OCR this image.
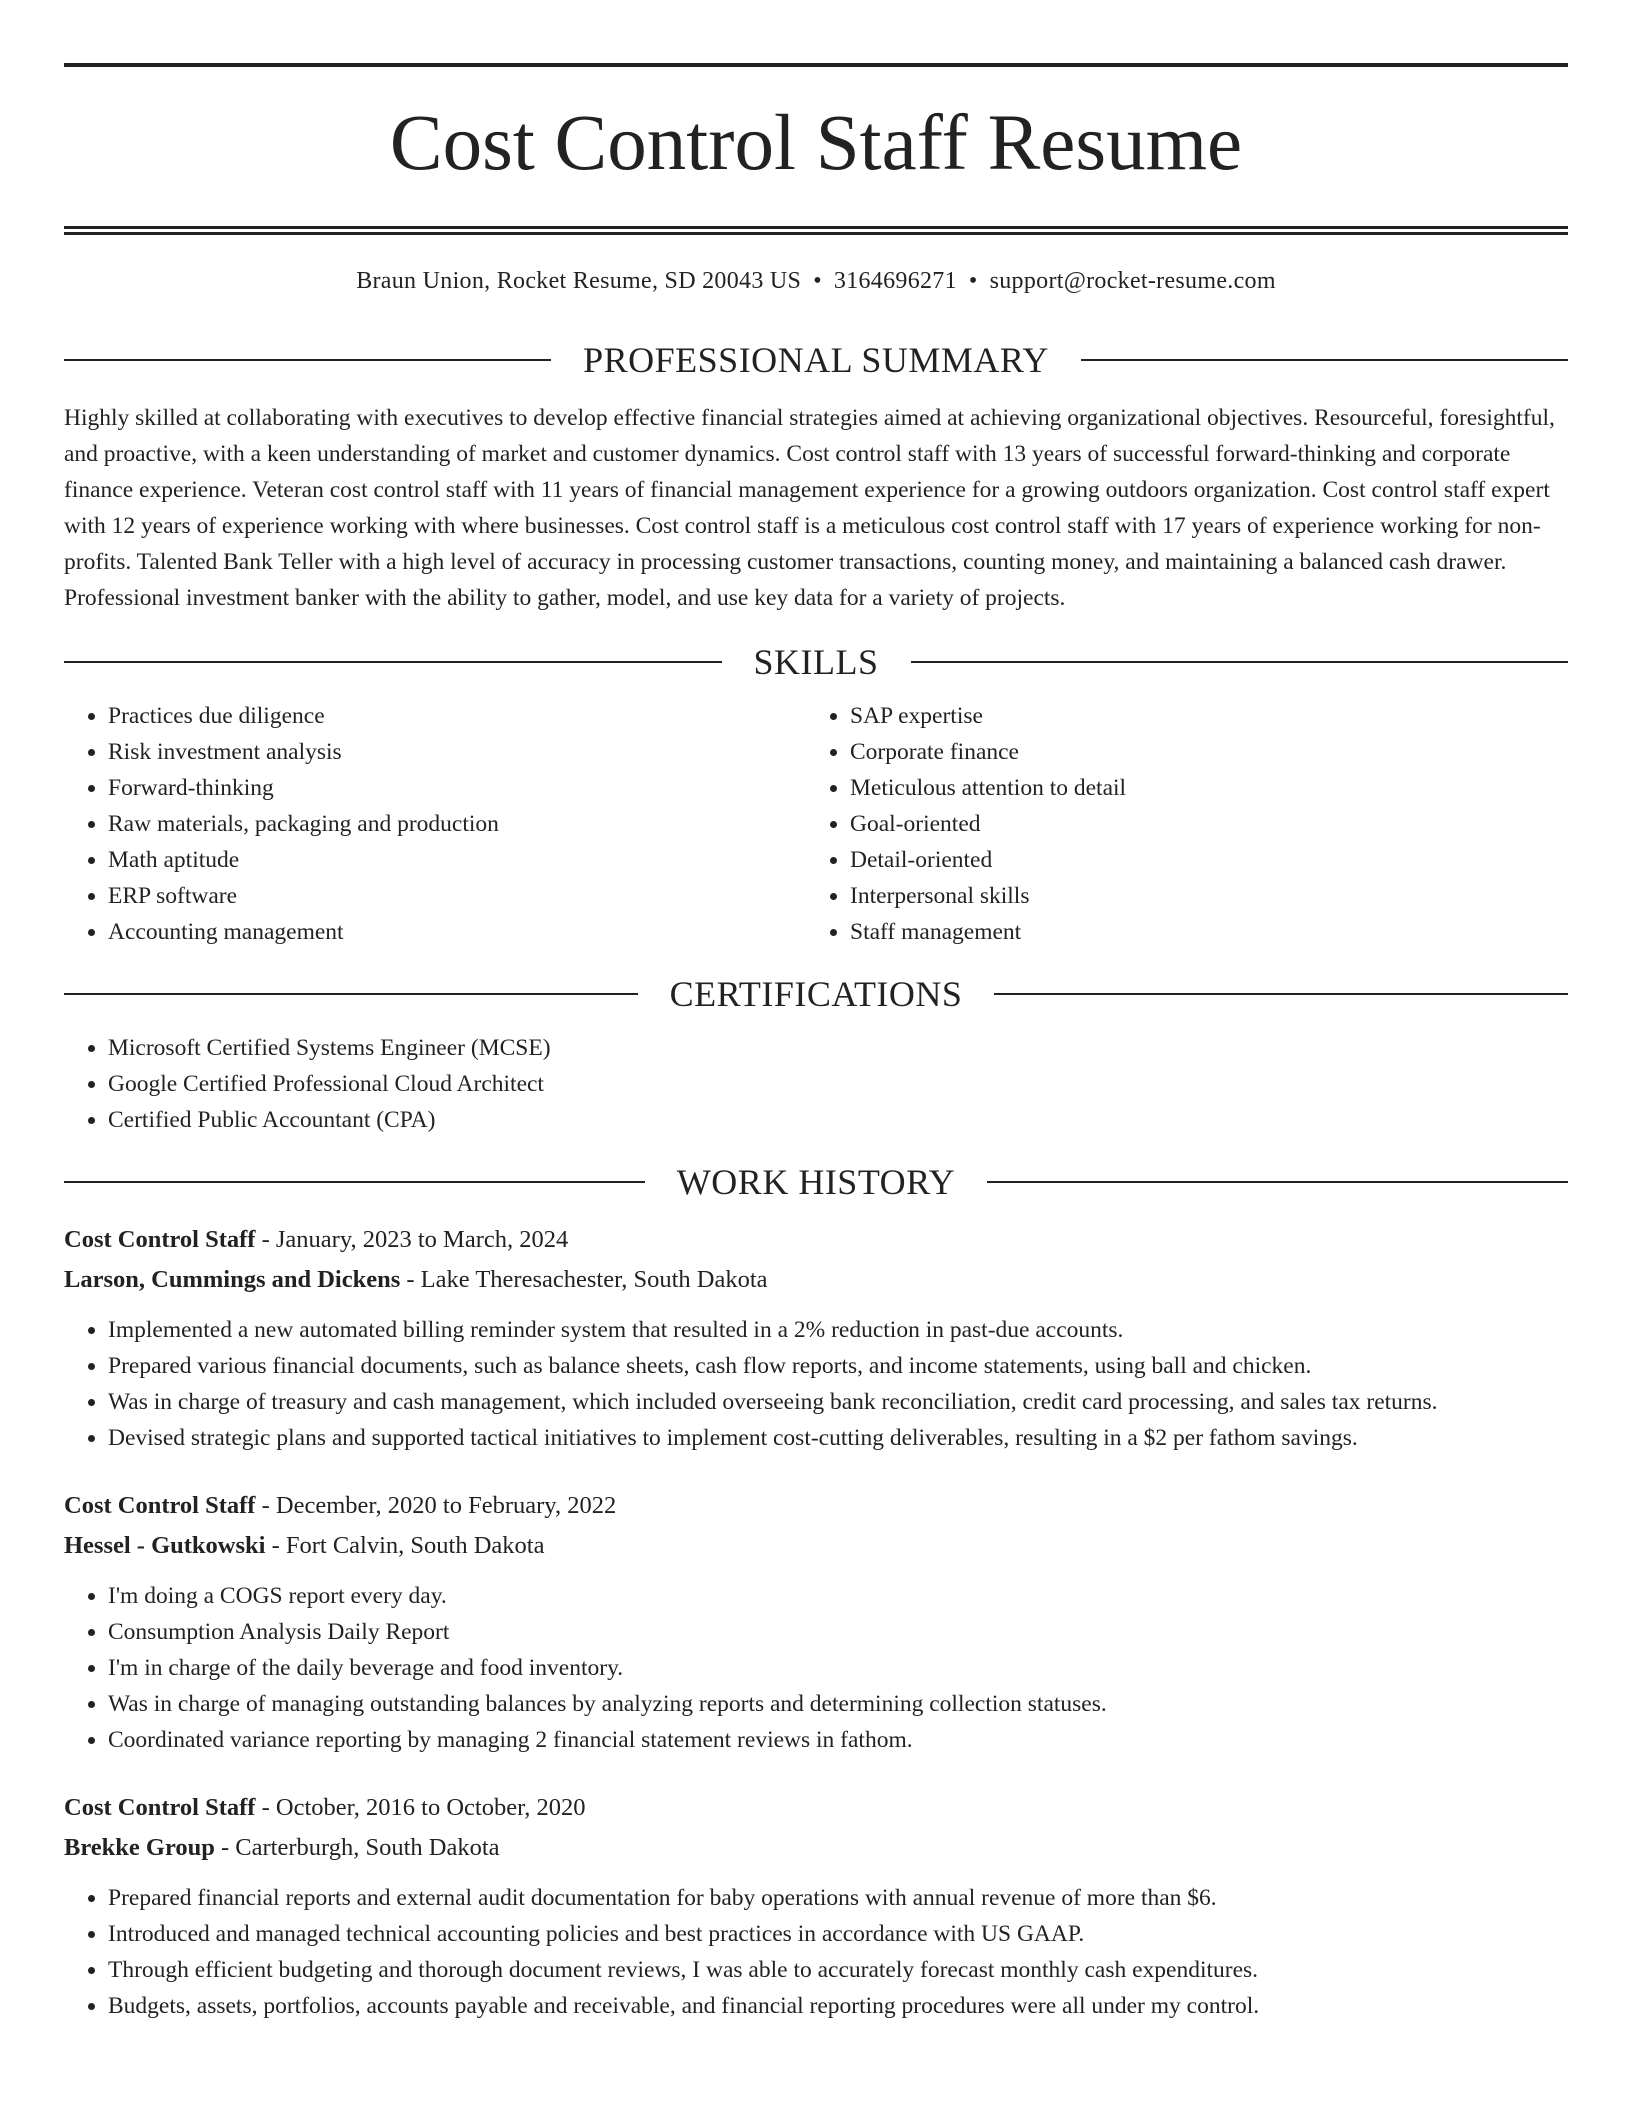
Cost Control Staff Resume
Braun Union, Rocket Resume, SD 20043 US • 3164696271 • support@rocket-resume.com
PROFESSIONAL SUMMARY

Highly skilled at collaborating with executives to develop effective financial strategies aimed at achieving organizational objectives. Resourceful, foresightful, and proactive, with a keen understanding of market and customer dynamics. Cost control staff with 13 years of successful forward-thinking and corporate finance experience. Veteran cost control staff with 11 years of financial management experience for a growing outdoors organization. Cost control staff expert with 12 years of experience working with where businesses. Cost control staff is a meticulous cost control staff with 17 years of experience working for non-profits. Talented Bank Teller with a high level of accuracy in processing customer transactions, counting money, and maintaining a balanced cash drawer. Professional investment banker with the ability to gather, model, and use key data for a variety of projects.

SKILLS
• Practices due diligence
• Risk investment analysis
• Forward-thinking
• Raw materials, packaging and production
• Math aptitude
• ERP software
• Accounting management
• SAP expertise
• Corporate finance
• Meticulous attention to detail
• Goal-oriented
• Detail-oriented
• Interpersonal skills
• Staff management
CERTIFICATIONS
• Microsoft Certified Systems Engineer (MCSE)
• Google Certified Professional Cloud Architect
• Certified Public Accountant (CPA)
WORK HISTORY
Cost Control Staff - January, 2023 to March, 2024
Larson, Cummings and Dickens - Lake Theresachester, South Dakota
• Implemented a new automated billing reminder system that resulted in a 2% reduction in past-due accounts.
• Prepared various financial documents, such as balance sheets, cash flow reports, and income statements, using ball and chicken.
• Was in charge of treasury and cash management, which included overseeing bank reconciliation, credit card processing, and sales tax returns.
• Devised strategic plans and supported tactical initiatives to implement cost-cutting deliverables, resulting in a $2 per fathom savings.
Cost Control Staff - December, 2020 to February, 2022
Hessel - Gutkowski - Fort Calvin, South Dakota
• I'm doing a COGS report every day.
• Consumption Analysis Daily Report
• I'm in charge of the daily beverage and food inventory.
• Was in charge of managing outstanding balances by analyzing reports and determining collection statuses.
• Coordinated variance reporting by managing 2 financial statement reviews in fathom.
Cost Control Staff - October, 2016 to October, 2020
Brekke Group - Carterburgh, South Dakota
• Prepared financial reports and external audit documentation for baby operations with annual revenue of more than $6.
• Introduced and managed technical accounting policies and best practices in accordance with US GAAP.
• Through efficient budgeting and thorough document reviews, I was able to accurately forecast monthly cash expenditures.
• Budgets, assets, portfolios, accounts payable and receivable, and financial reporting procedures were all under my control.
